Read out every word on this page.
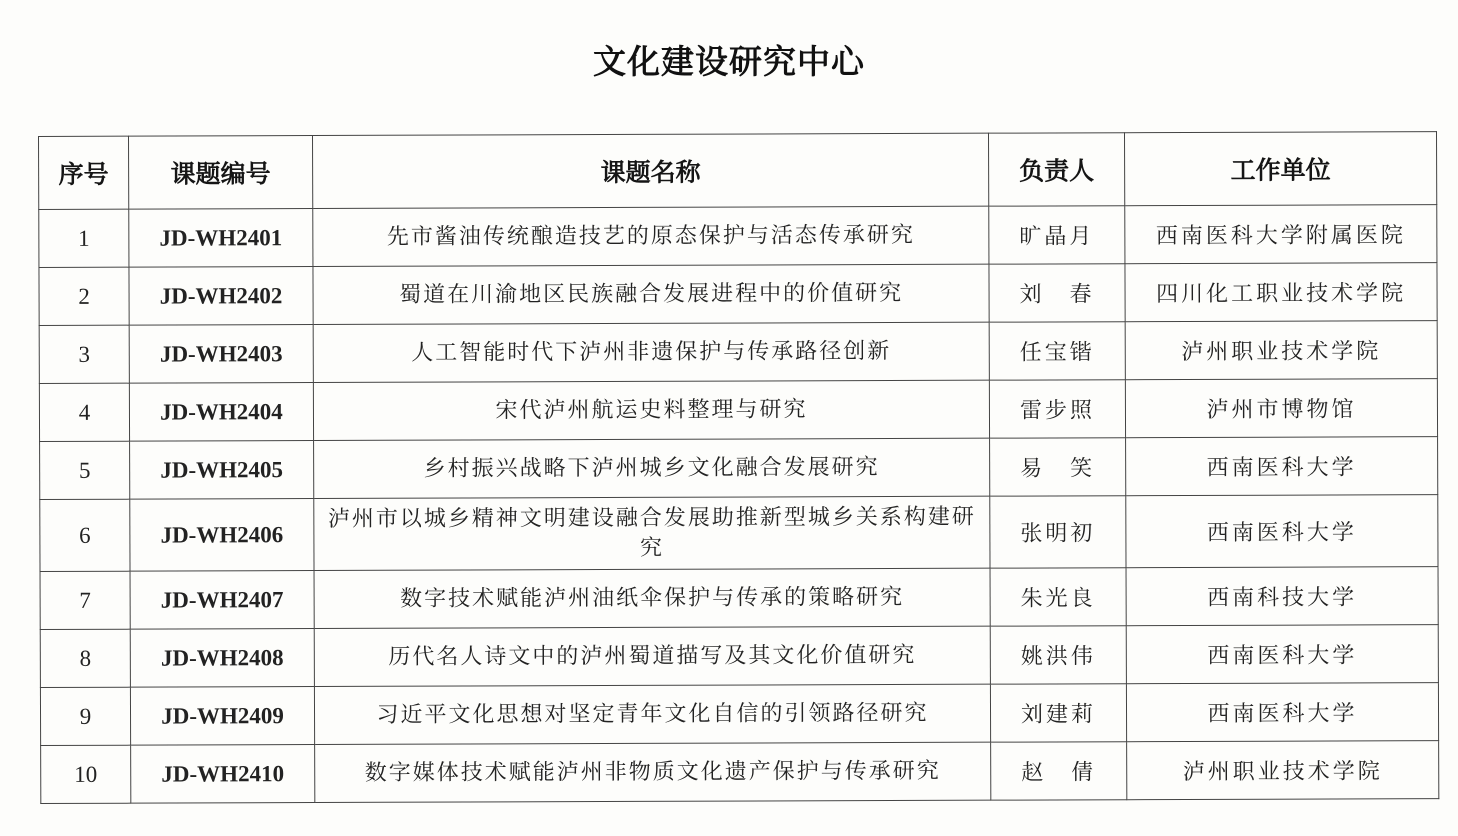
文化建设研究中心
序号	课题编号	课题名称	负责人	工作单位
1	JD-WH2401	先市酱油传统酿造技艺的原态保护与活态传承研究	旷晶月	西南医科大学附属医院
2	JD-WH2402	蜀道在川渝地区民族融合发展进程中的价值研究	刘　春	四川化工职业技术学院
3	JD-WH2403	人工智能时代下泸州非遗保护与传承路径创新	任宝锴	泸州职业技术学院
4	JD-WH2404	宋代泸州航运史料整理与研究	雷步照	泸州市博物馆
5	JD-WH2405	乡村振兴战略下泸州城乡文化融合发展研究	易　笑	西南医科大学
6	JD-WH2406	泸州市以城乡精神文明建设融合发展助推新型城乡关系构建研究	张明初	西南医科大学
7	JD-WH2407	数字技术赋能泸州油纸伞保护与传承的策略研究	朱光良	西南科技大学
8	JD-WH2408	历代名人诗文中的泸州蜀道描写及其文化价值研究	姚洪伟	西南医科大学
9	JD-WH2409	习近平文化思想对坚定青年文化自信的引领路径研究	刘建莉	西南医科大学
10	JD-WH2410	数字媒体技术赋能泸州非物质文化遗产保护与传承研究	赵　倩	泸州职业技术学院
